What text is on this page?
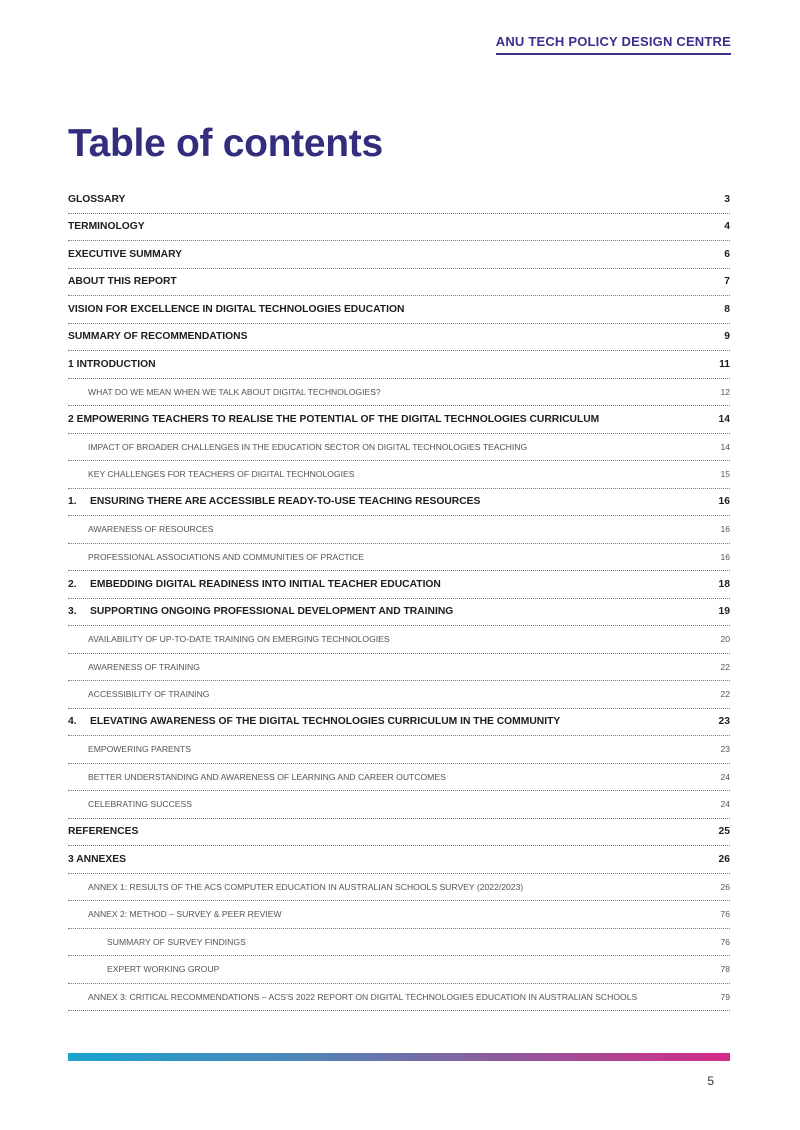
ANU TECH POLICY DESIGN CENTRE
Table of contents
GLOSSARY	3
TERMINOLOGY	4
EXECUTIVE SUMMARY	6
ABOUT THIS REPORT	7
VISION FOR EXCELLENCE IN DIGITAL TECHNOLOGIES EDUCATION	8
SUMMARY OF RECOMMENDATIONS	9
1 INTRODUCTION	11
WHAT DO WE MEAN WHEN WE TALK ABOUT DIGITAL TECHNOLOGIES?	12
2 EMPOWERING TEACHERS TO REALISE THE POTENTIAL OF THE DIGITAL TECHNOLOGIES CURRICULUM	14
IMPACT OF BROADER CHALLENGES IN THE EDUCATION SECTOR ON DIGITAL TECHNOLOGIES TEACHING	14
KEY CHALLENGES FOR TEACHERS OF DIGITAL TECHNOLOGIES	15
1. ENSURING THERE ARE ACCESSIBLE READY-TO-USE TEACHING RESOURCES	16
AWARENESS OF RESOURCES	16
PROFESSIONAL ASSOCIATIONS AND COMMUNITIES OF PRACTICE	16
2. EMBEDDING DIGITAL READINESS INTO INITIAL TEACHER EDUCATION	18
3. SUPPORTING ONGOING PROFESSIONAL DEVELOPMENT AND TRAINING	19
AVAILABILITY OF UP-TO-DATE TRAINING ON EMERGING TECHNOLOGIES	20
AWARENESS OF TRAINING	22
ACCESSIBILITY OF TRAINING	22
4. ELEVATING AWARENESS OF THE DIGITAL TECHNOLOGIES CURRICULUM IN THE COMMUNITY	23
EMPOWERING PARENTS	23
BETTER UNDERSTANDING AND AWARENESS OF LEARNING AND CAREER OUTCOMES	24
CELEBRATING SUCCESS	24
REFERENCES	25
3 ANNEXES	26
ANNEX 1: RESULTS OF THE ACS COMPUTER EDUCATION IN AUSTRALIAN SCHOOLS SURVEY (2022/2023)	26
ANNEX 2: METHOD – SURVEY & PEER REVIEW	76
SUMMARY OF SURVEY FINDINGS	76
EXPERT WORKING GROUP	78
ANNEX 3: CRITICAL RECOMMENDATIONS – ACS'S 2022 REPORT ON DIGITAL TECHNOLOGIES EDUCATION IN AUSTRALIAN SCHOOLS	79
5
